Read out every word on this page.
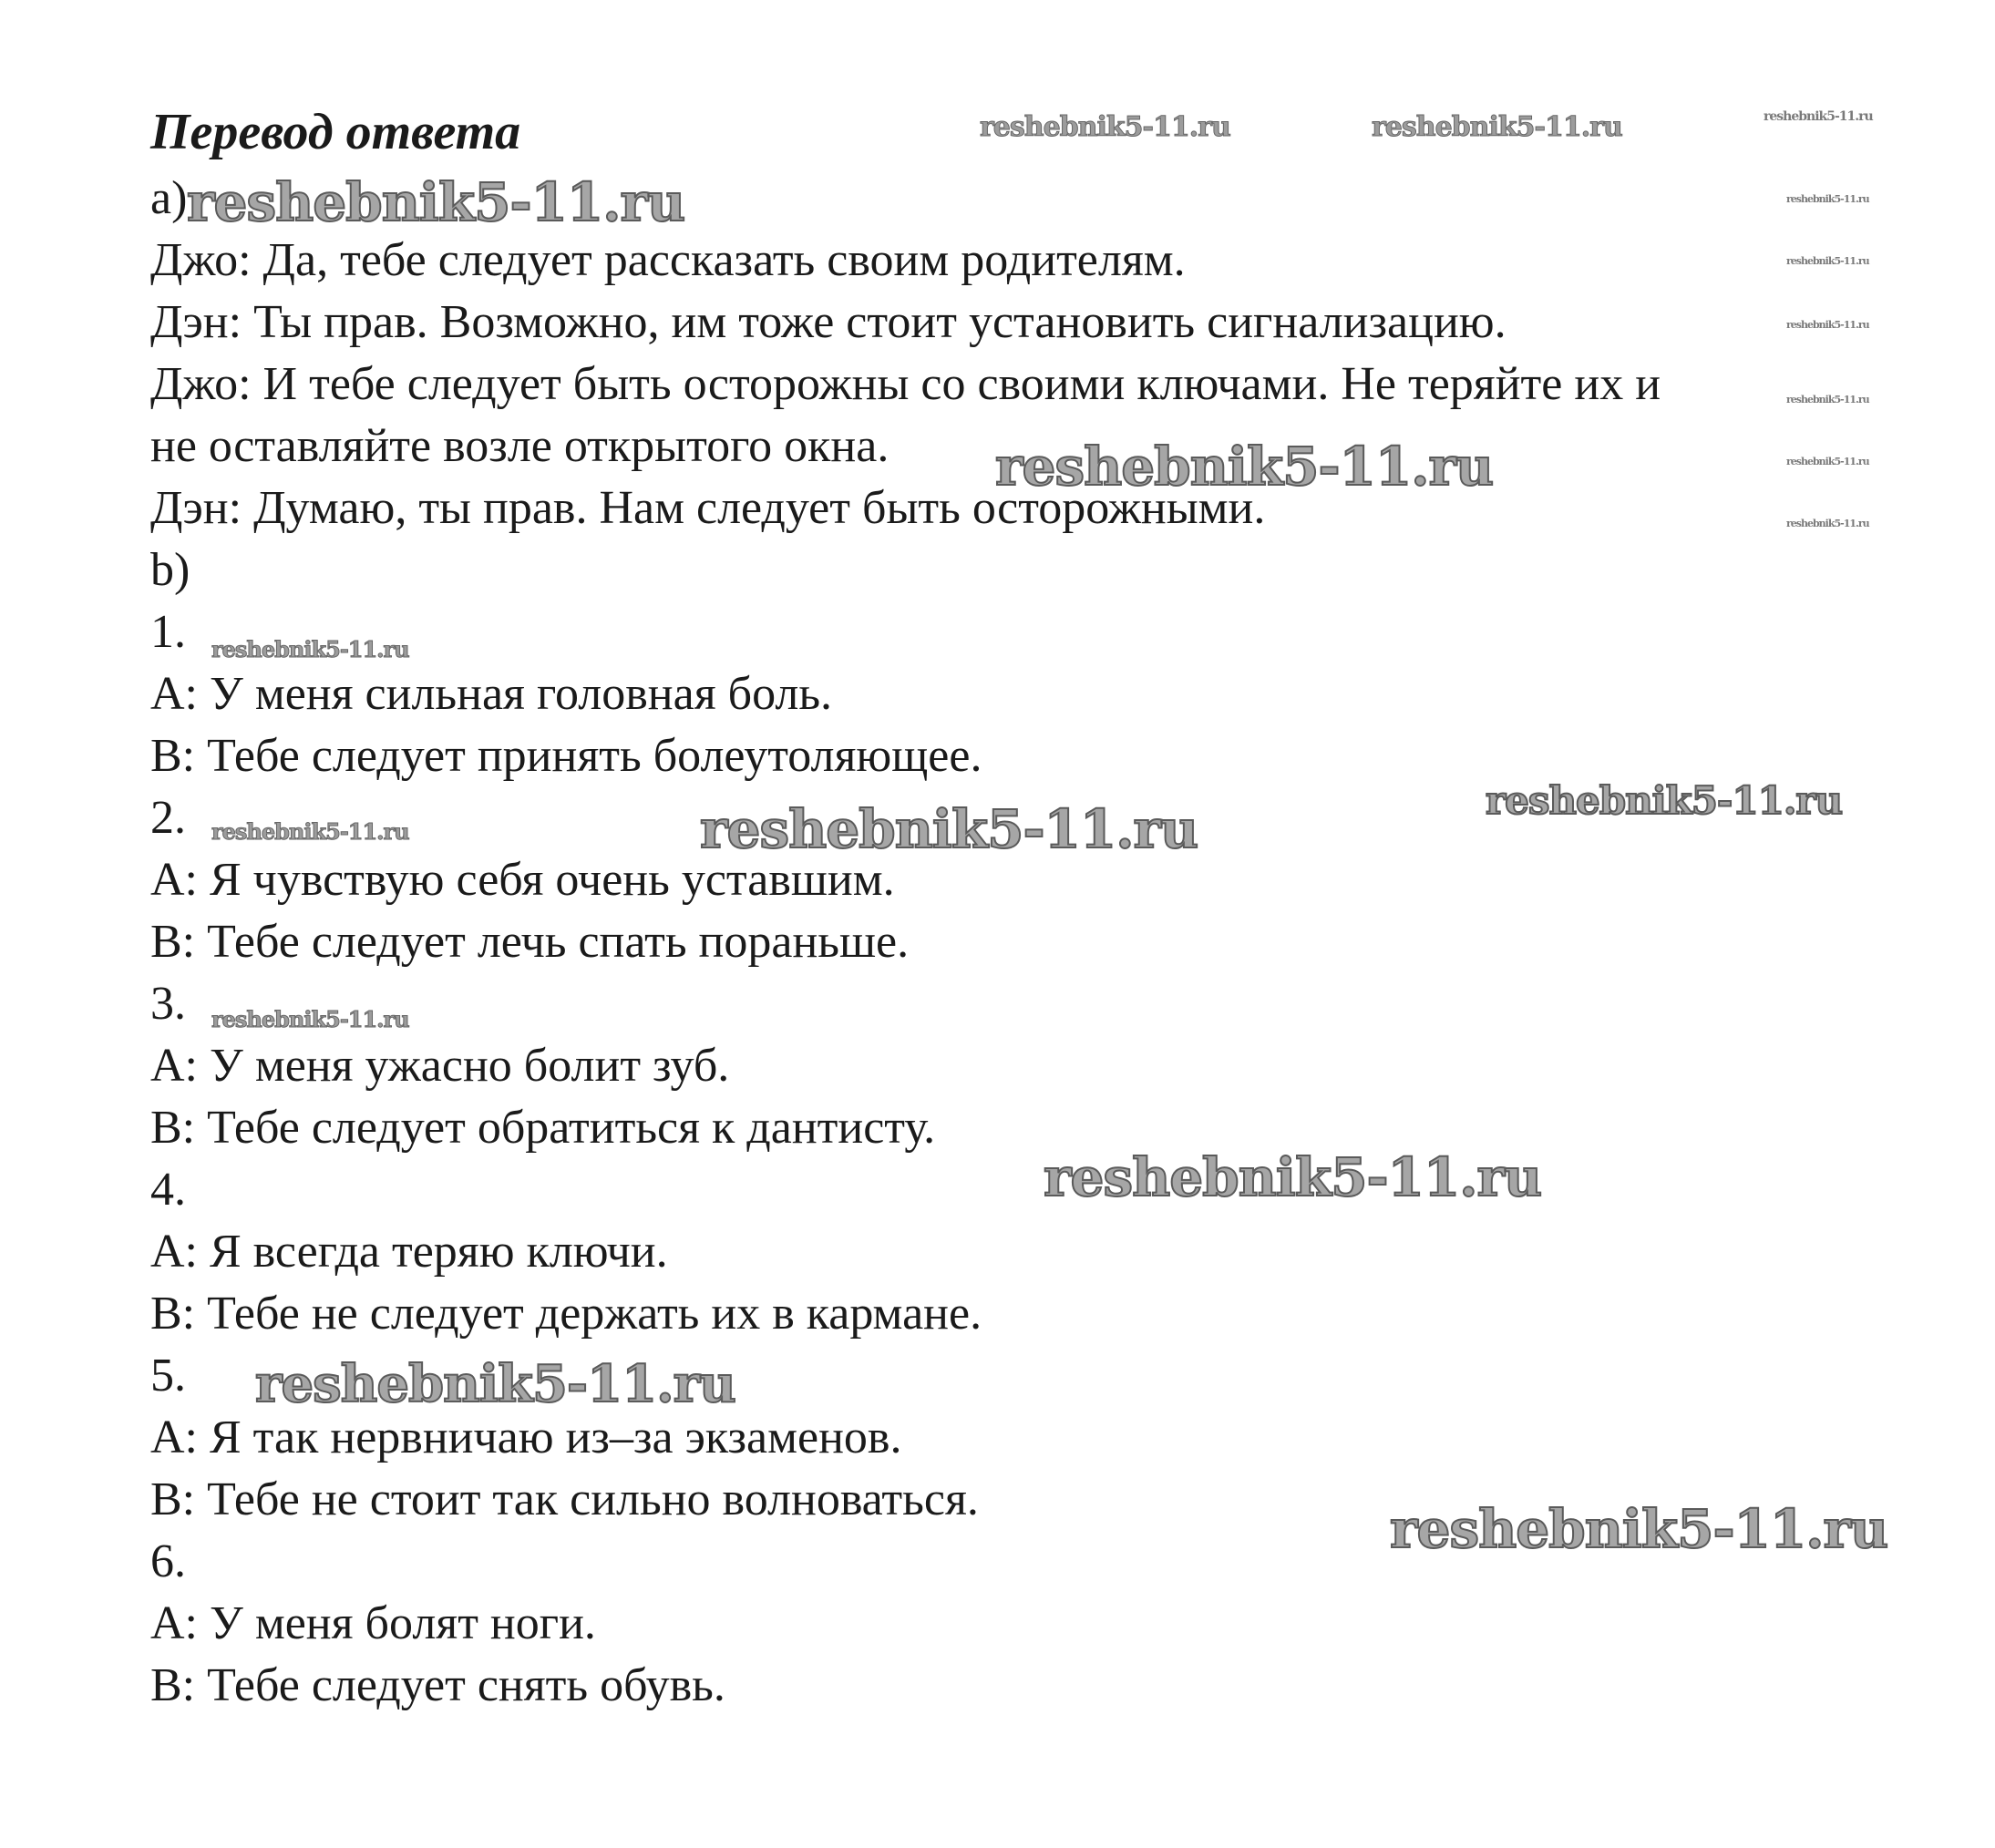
Перевод ответа
a)
Джо: Да, тебе следует рассказать своим родителям.
Дэн: Ты прав. Возможно, им тоже стоит установить сигнализацию.
Джо: И тебе следует быть осторожны со своими ключами. Не теряйте их и
не оставляйте возле открытого окна.
Дэн: Думаю, ты прав. Нам следует быть осторожными.
b)
1.
A: У меня сильная головная боль.
B: Тебе следует принять болеутоляющее.
2.
A: Я чувствую себя очень уставшим.
B: Тебе следует лечь спать пораньше.
3.
A: У меня ужасно болит зуб.
B: Тебе следует обратиться к дантисту.
4.
A: Я всегда теряю ключи.
B: Тебе не следует держать их в кармане.
5.
A: Я так нервничаю из–за экзаменов.
B: Тебе не стоит так сильно волноваться.
6.
A: У меня болят ноги.
B: Тебе следует снять обувь.
reshebnik5-11.ru	reshebnik5-11.ru	reshebnik5-11.ru
reshebnik5-11.ru	reshebnik5-11.ru
reshebnik5-11.ru
reshebnik5-11.ru
reshebnik5-11.ru
reshebnik5-11.ru	reshebnik5-11.ru
reshebnik5-11.ru
reshebnik5-11.ru
reshebnik5-11.ru
reshebnik5-11.ru	reshebnik5-11.ru
reshebnik5-11.ru
reshebnik5-11.ru
reshebnik5-11.ru
reshebnik5-11.ru
